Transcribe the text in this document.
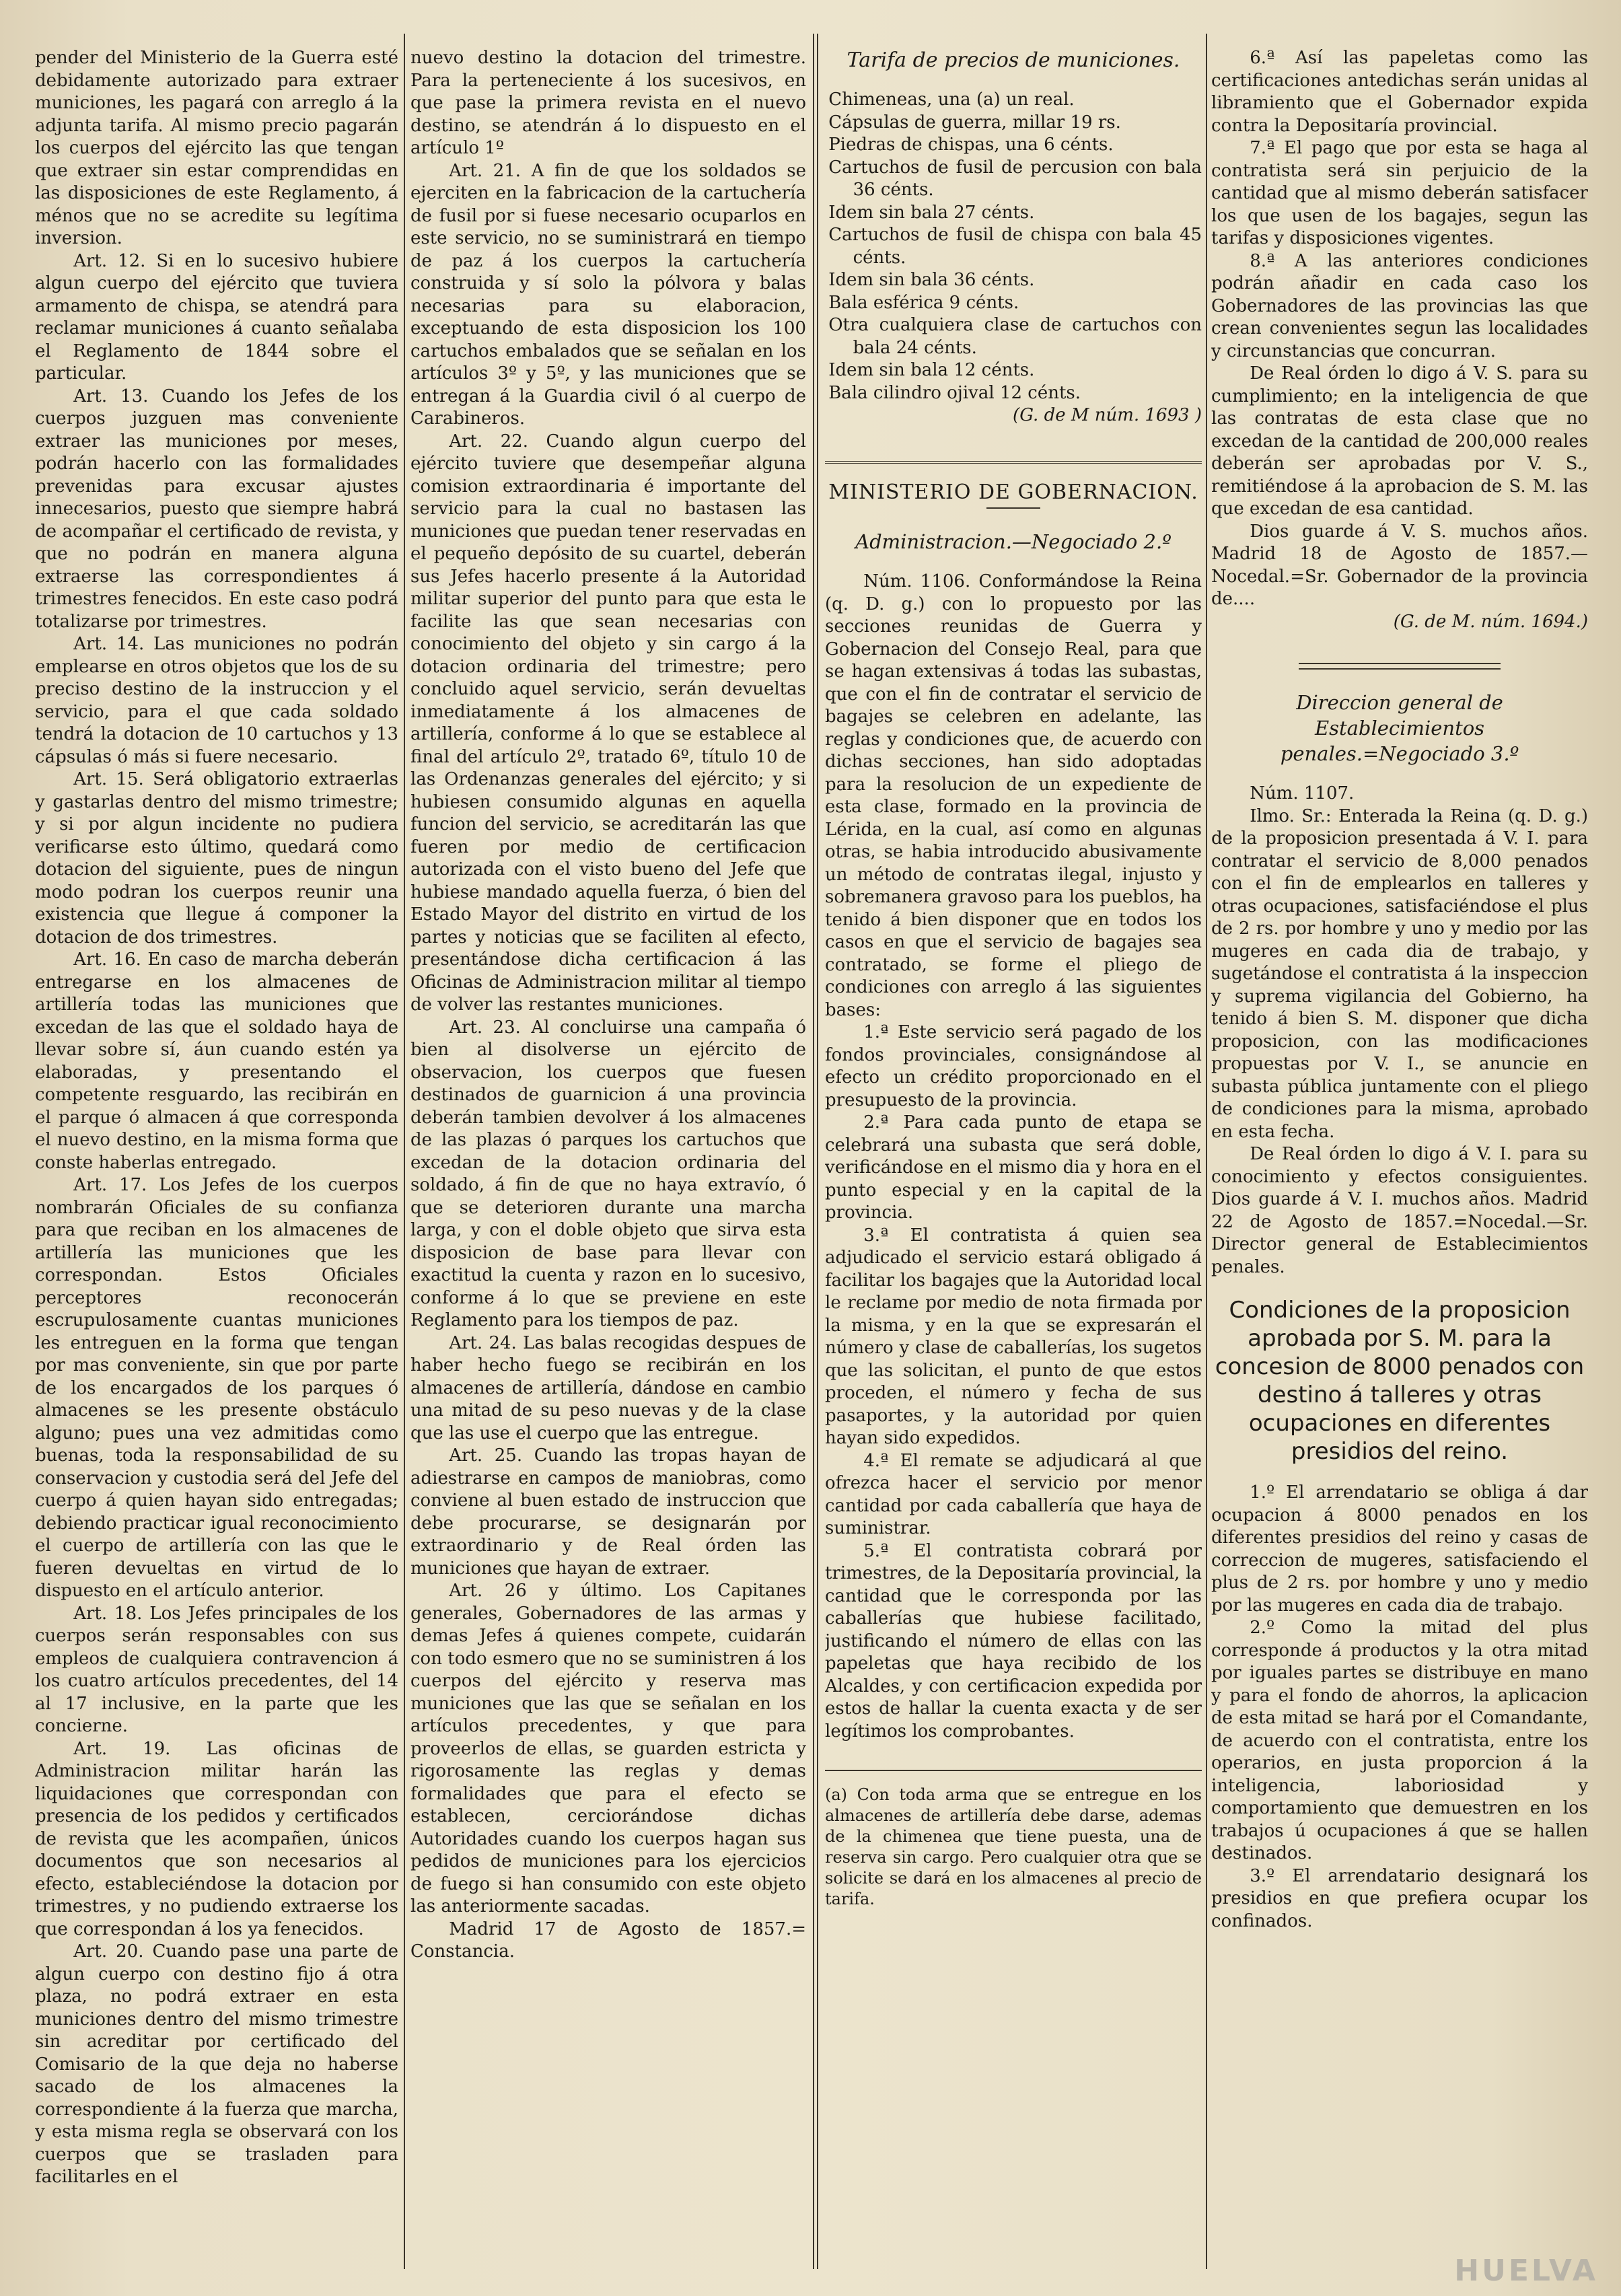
pender del Ministerio de la Guerra esté debidamente autorizado para extraer municiones, les pagará con arreglo á la adjunta tarifa. Al mismo precio pagarán los cuerpos del ejército las que tengan que extraer sin estar comprendidas en las disposiciones de este Reglamento, á ménos que no se acredite su legítima inversion.

Art. 12. Si en lo sucesivo hubiere algun cuerpo del ejército que tuviera armamento de chispa, se atendrá para reclamar municiones á cuanto señalaba el Reglamento de 1844 sobre el particular.

Art. 13. Cuando los Jefes de los cuerpos juzguen mas conveniente extraer las municiones por meses, podrán hacerlo con las formalidades prevenidas para excusar ajustes innecesarios, puesto que siempre habrá de acompañar el certificado de revista, y que no podrán en manera alguna extraerse las correspondientes á trimestres fenecidos. En este caso podrá totalizarse por trimestres.

Art. 14. Las municiones no podrán emplearse en otros objetos que los de su preciso destino de la instruccion y el servicio, para el que cada soldado tendrá la dotacion de 10 cartuchos y 13 cápsulas ó más si fuere necesario.

Art. 15. Será obligatorio extraerlas y gastarlas dentro del mismo trimestre; y si por algun incidente no pudiera verificarse esto último, quedará como dotacion del siguiente, pues de ningun modo podran los cuerpos reunir una existencia que llegue á componer la dotacion de dos trimestres.

Art. 16. En caso de marcha deberán entregarse en los almacenes de artillería todas las municiones que excedan de las que el soldado haya de llevar sobre sí, áun cuando estén ya elaboradas, y presentando el competente resguardo, las recibirán en el parque ó almacen á que corresponda el nuevo destino, en la misma forma que conste haberlas entregado.

Art. 17. Los Jefes de los cuerpos nombrarán Oficiales de su confianza para que reciban en los almacenes de artillería las municiones que les correspondan. Estos Oficiales perceptores reconocerán escrupulosamente cuantas municiones les entreguen en la forma que tengan por mas conveniente, sin que por parte de los encargados de los parques ó almacenes se les presente obstáculo alguno; pues una vez admitidas como buenas, toda la responsabilidad de su conservacion y custodia será del Jefe del cuerpo á quien hayan sido entregadas; debiendo practicar igual reconocimiento el cuerpo de artillería con las que le fueren devueltas en virtud de lo dispuesto en el artículo anterior.

Art. 18. Los Jefes principales de los cuerpos serán responsables con sus empleos de cualquiera contravencion á los cuatro artículos precedentes, del 14 al 17 inclusive, en la parte que les concierne.

Art. 19. Las oficinas de Administracion militar harán las liquidaciones que correspondan con presencia de los pedidos y certificados de revista que les acompañen, únicos documentos que son necesarios al efecto, estableciéndose la dotacion por trimestres, y no pudiendo extraerse los que correspondan á los ya fenecidos.

Art. 20. Cuando pase una parte de algun cuerpo con destino fijo á otra plaza, no podrá extraer en esta municiones dentro del mismo trimestre sin acreditar por certificado del Comisario de la que deja no haberse sacado de los almacenes la correspondiente á la fuerza que marcha, y esta misma regla se observará con los cuerpos que se trasladen para facilitarles en el

nuevo destino la dotacion del trimestre. Para la perteneciente á los sucesivos, en que pase la primera revista en el nuevo destino, se atendrán á lo dispuesto en el artículo 1º

Art. 21. A fin de que los soldados se ejerciten en la fabricacion de la cartuchería de fusil por si fuese necesario ocuparlos en este servicio, no se suministrará en tiempo de paz á los cuerpos la cartuchería construida y sí solo la pólvora y balas necesarias para su elaboracion, exceptuando de esta disposicion los 100 cartuchos embalados que se señalan en los artículos 3º y 5º, y las municiones que se entregan á la Guardia civil ó al cuerpo de Carabineros.

Art. 22. Cuando algun cuerpo del ejército tuviere que desempeñar alguna comision extraordinaria é importante del servicio para la cual no bastasen las municiones que puedan tener reservadas en el pequeño depósito de su cuartel, deberán sus Jefes hacerlo presente á la Autoridad militar superior del punto para que esta le facilite las que sean necesarias con conocimiento del objeto y sin cargo á la dotacion ordinaria del trimestre; pero concluido aquel servicio, serán devueltas inmediatamente á los almacenes de artillería, conforme á lo que se establece al final del artículo 2º, tratado 6º, título 10 de las Ordenanzas generales del ejército; y si hubiesen consumido algunas en aquella funcion del servicio, se acreditarán las que fueren por medio de certificacion autorizada con el visto bueno del Jefe que hubiese mandado aquella fuerza, ó bien del Estado Mayor del distrito en virtud de los partes y noticias que se faciliten al efecto, presentándose dicha certificacion á las Oficinas de Administracion militar al tiempo de volver las restantes municiones.

Art. 23. Al concluirse una campaña ó bien al disolverse un ejército de observacion, los cuerpos que fuesen destinados de guarnicion á una provincia deberán tambien devolver á los almacenes de las plazas ó parques los cartuchos que excedan de la dotacion ordinaria del soldado, á fin de que no haya extravío, ó que se deterioren durante una marcha larga, y con el doble objeto que sirva esta disposicion de base para llevar con exactitud la cuenta y razon en lo sucesivo, conforme á lo que se previene en este Reglamento para los tiempos de paz.

Art. 24. Las balas recogidas despues de haber hecho fuego se recibirán en los almacenes de artillería, dándose en cambio una mitad de su peso nuevas y de la clase que las use el cuerpo que las entregue.

Art. 25. Cuando las tropas hayan de adiestrarse en campos de maniobras, como conviene al buen estado de instruccion que debe procurarse, se designarán por extraordinario y de Real órden las municiones que hayan de extraer.

Art. 26 y último. Los Capitanes generales, Gobernadores de las armas y demas Jefes á quienes compete, cuidarán con todo esmero que no se suministren á los cuerpos del ejército y reserva mas municiones que las que se señalan en los artículos precedentes, y que para proveerlos de ellas, se guarden estricta y rigorosamente las reglas y demas formalidades que para el efecto se establecen, cerciorándose dichas Autoridades cuando los cuerpos hagan sus pedidos de municiones para los ejercicios de fuego si han consumido con este objeto las anteriormente sacadas.

Madrid 17 de Agosto de 1857.= Constancia.

Tarifa de precios de municiones.
Chimeneas, una (a) un real.
Cápsulas de guerra, millar 19 rs.
Piedras de chispas, una 6 cénts.
Cartuchos de fusil de percusion con bala 36 cénts.
Idem sin bala 27 cénts.
Cartuchos de fusil de chispa con bala 45 cénts.
Idem sin bala 36 cénts.
Bala esférica 9 cénts.
Otra cualquiera clase de cartuchos con bala 24 cénts.
Idem sin bala 12 cénts.
Bala cilindro ojival 12 cénts.

(G. de M núm. 1693 )

MINISTERIO DE GOBERNACION.
Administracion.—Negociado 2.º

Núm. 1106. Conformándose la Reina (q. D. g.) con lo propuesto por las secciones reunidas de Guerra y Gobernacion del Consejo Real, para que se hagan extensivas á todas las subastas, que con el fin de contratar el servicio de bagajes se celebren en adelante, las reglas y condiciones que, de acuerdo con dichas secciones, han sido adoptadas para la resolucion de un expediente de esta clase, formado en la provincia de Lérida, en la cual, así como en algunas otras, se habia introducido abusivamente un método de contratas ilegal, injusto y sobremanera gravoso para los pueblos, ha tenido á bien disponer que en todos los casos en que el servicio de bagajes sea contratado, se forme el pliego de condiciones con arreglo á las siguientes bases:

1.ª Este servicio será pagado de los fondos provinciales, consignándose al efecto un crédito proporcionado en el presupuesto de la provincia.

2.ª Para cada punto de etapa se celebrará una subasta que será doble, verificándose en el mismo dia y hora en el punto especial y en la capital de la provincia.

3.ª El contratista á quien sea adjudicado el servicio estará obligado á facilitar los bagajes que la Autoridad local le reclame por medio de nota firmada por la misma, y en la que se expresarán el número y clase de caballerías, los sugetos que las solicitan, el punto de que estos proceden, el número y fecha de sus pasaportes, y la autoridad por quien hayan sido expedidos.

4.ª El remate se adjudicará al que ofrezca hacer el servicio por menor cantidad por cada caballería que haya de suministrar.

5.ª El contratista cobrará por trimestres, de la Depositaría provincial, la cantidad que le corresponda por las caballerías que hubiese facilitado, justificando el número de ellas con las papeletas que haya recibido de los Alcaldes, y con certificacion expedida por estos de hallar la cuenta exacta y de ser legítimos los comprobantes.

(a) Con toda arma que se entregue en los almacenes de artillería debe darse, ademas de la chimenea que tiene puesta, una de reserva sin cargo. Pero cualquier otra que se solicite se dará en los almacenes al precio de tarifa.

6.ª Así las papeletas como las certificaciones antedichas serán unidas al libramiento que el Gobernador expida contra la Depositaría provincial.

7.ª El pago que por esta se haga al contratista será sin perjuicio de la cantidad que al mismo deberán satisfacer los que usen de los bagajes, segun las tarifas y disposiciones vigentes.

8.ª A las anteriores condiciones podrán añadir en cada caso los Gobernadores de las provincias las que crean convenientes segun las localidades y circunstancias que concurran.

De Real órden lo digo á V. S. para su cumplimiento; en la inteligencia de que las contratas de esta clase que no excedan de la cantidad de 200,000 reales deberán ser aprobadas por V. S., remitiéndose á la aprobacion de S. M. las que excedan de esa cantidad.

Dios guarde á V. S. muchos años. Madrid 18 de Agosto de 1857.— Nocedal.=Sr. Gobernador de la provincia de....

(G. de M. núm. 1694.)

Direccion general de Establecimientos penales.=Negociado 3.º

Núm. 1107.

Ilmo. Sr.: Enterada la Reina (q. D. g.) de la proposicion presentada á V. I. para contratar el servicio de 8,000 penados con el fin de emplearlos en talleres y otras ocupaciones, satisfaciéndose el plus de 2 rs. por hombre y uno y medio por las mugeres en cada dia de trabajo, y sugetándose el contratista á la inspeccion y suprema vigilancia del Gobierno, ha tenido á bien S. M. disponer que dicha proposicion, con las modificaciones propuestas por V. I., se anuncie en subasta pública juntamente con el pliego de condiciones para la misma, aprobado en esta fecha.

De Real órden lo digo á V. I. para su conocimiento y efectos consiguientes. Dios guarde á V. I. muchos años. Madrid 22 de Agosto de 1857.=Nocedal.—Sr. Director general de Establecimientos penales.

Condiciones de la proposicion aprobada por S. M. para la concesion de 8000 penados con destino á talleres y otras ocupaciones en diferentes presidios del reino.

1.º El arrendatario se obliga á dar ocupacion á 8000 penados en los diferentes presidios del reino y casas de correccion de mugeres, satisfaciendo el plus de 2 rs. por hombre y uno y medio por las mugeres en cada dia de trabajo.

2.º Como la mitad del plus corresponde á productos y la otra mitad por iguales partes se distribuye en mano y para el fondo de ahorros, la aplicacion de esta mitad se hará por el Comandante, de acuerdo con el contratista, entre los operarios, en justa proporcion á la inteligencia, laboriosidad y comportamiento que demuestren en los trabajos ú ocupaciones á que se hallen destinados.

3.º El arrendatario designará los presidios en que prefiera ocupar los confinados.

HUELVA
